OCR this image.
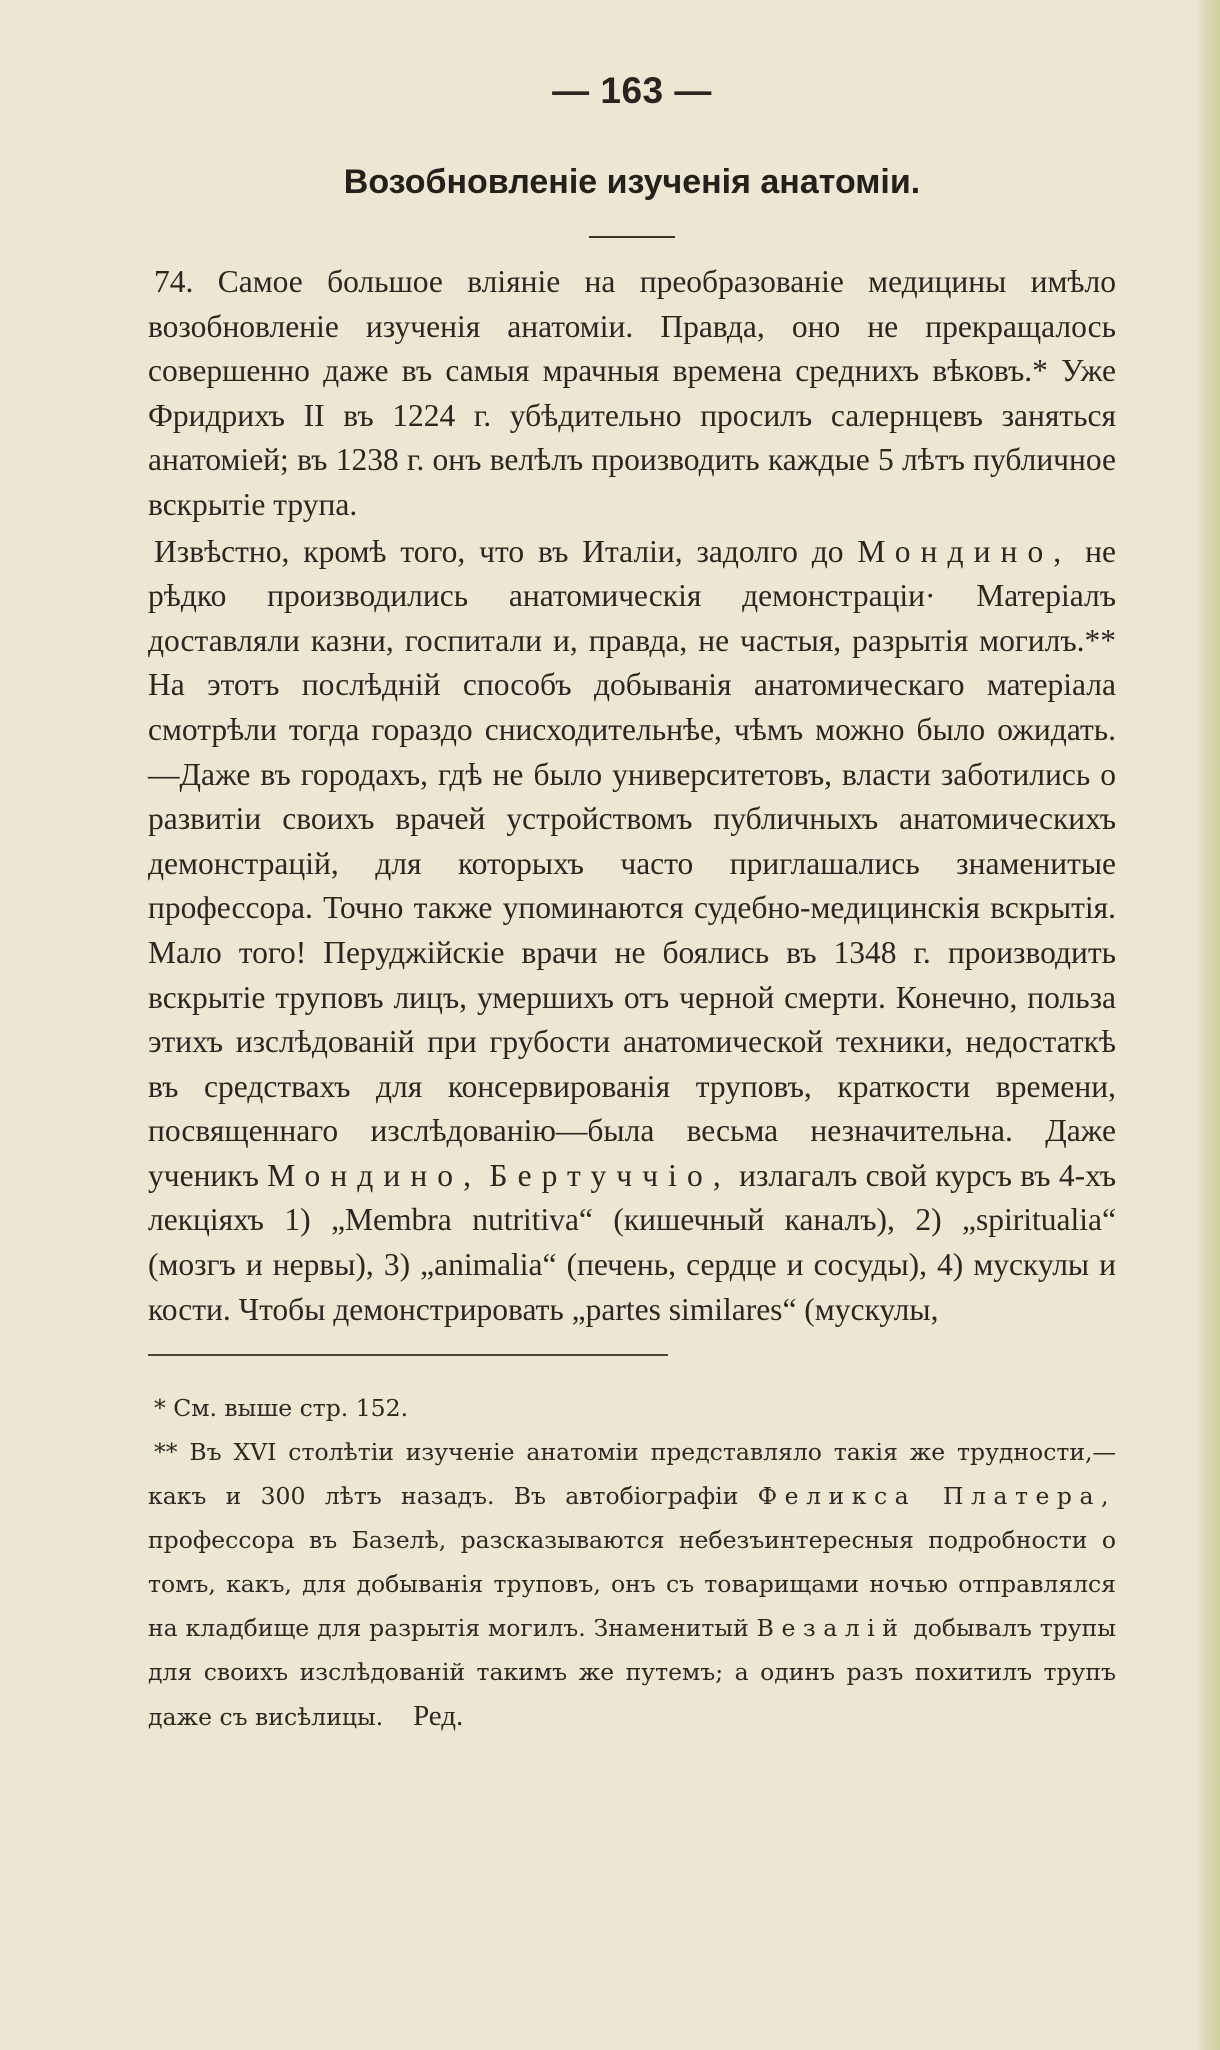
— 163 —

Возобновленіе изученія анатоміи.

74. Самое большое вліяніе на преобразованіе медицины имѣло возобновленіе изученія анатоміи. Правда, оно не прекращалось совершенно даже въ самыя мрачныя времена среднихъ вѣковъ.* Уже Фридрихъ II въ 1224 г. убѣдительно просилъ салернцевъ заняться анатоміей; въ 1238 г. онъ велѣлъ производить каждые 5 лѣтъ публичное вскрытіе трупа.

Извѣстно, кромѣ того, что въ Италіи, задолго до Мондино, не рѣдко производились анатомическія демонстраціи· Матеріалъ доставляли казни, госпитали и, правда, не частыя, разрытія могилъ.** На этотъ послѣдній способъ добыванія анатомическаго матеріала смотрѣли тогда гораздо снисходительнѣе, чѣмъ можно было ожидать.—Даже въ городахъ, гдѣ не было университетовъ, власти заботились о развитіи своихъ врачей устройствомъ публичныхъ анатомическихъ демонстрацій, для которыхъ часто приглашались знаменитые профессора. Точно также упоминаются судебно-медицинскія вскрытія. Мало того! Перуджійскіе врачи не боялись въ 1348 г. производить вскрытіе труповъ лицъ, умершихъ отъ черной смерти. Конечно, польза этихъ изслѣдованій при грубости анатомической техники, недостаткѣ въ средствахъ для консервированія труповъ, краткости времени, посвященнаго изслѣдованію—была весьма незначительна. Даже ученикъ Мондино, Бертуччіо, излагалъ свой курсъ въ 4-хъ лекціяхъ 1) „Membra nutritiva“ (кишечный каналъ), 2) „spiritualia“ (мозгъ и нервы), 3) „animalia“ (печень, сердце и сосуды), 4) мускулы и кости. Чтобы демонстрировать „partes similares“ (мускулы,

* См. выше стр. 152.

** Въ XVI столѣтіи изученіе анатоміи представляло такія же трудности,—какъ и 300 лѣтъ назадъ. Въ автобіографіи Феликса Платера, профессора въ Базелѣ, разсказываются небезъинтересныя подробности о томъ, какъ, для добыванія труповъ, онъ съ товарищами ночью отправлялся на кладбище для разрытія могилъ. Знаменитый Везалій добывалъ трупы для своихъ изслѣдованій такимъ же путемъ; а одинъ разъ похитилъ трупъ даже съ висѣлицы. Ред.
